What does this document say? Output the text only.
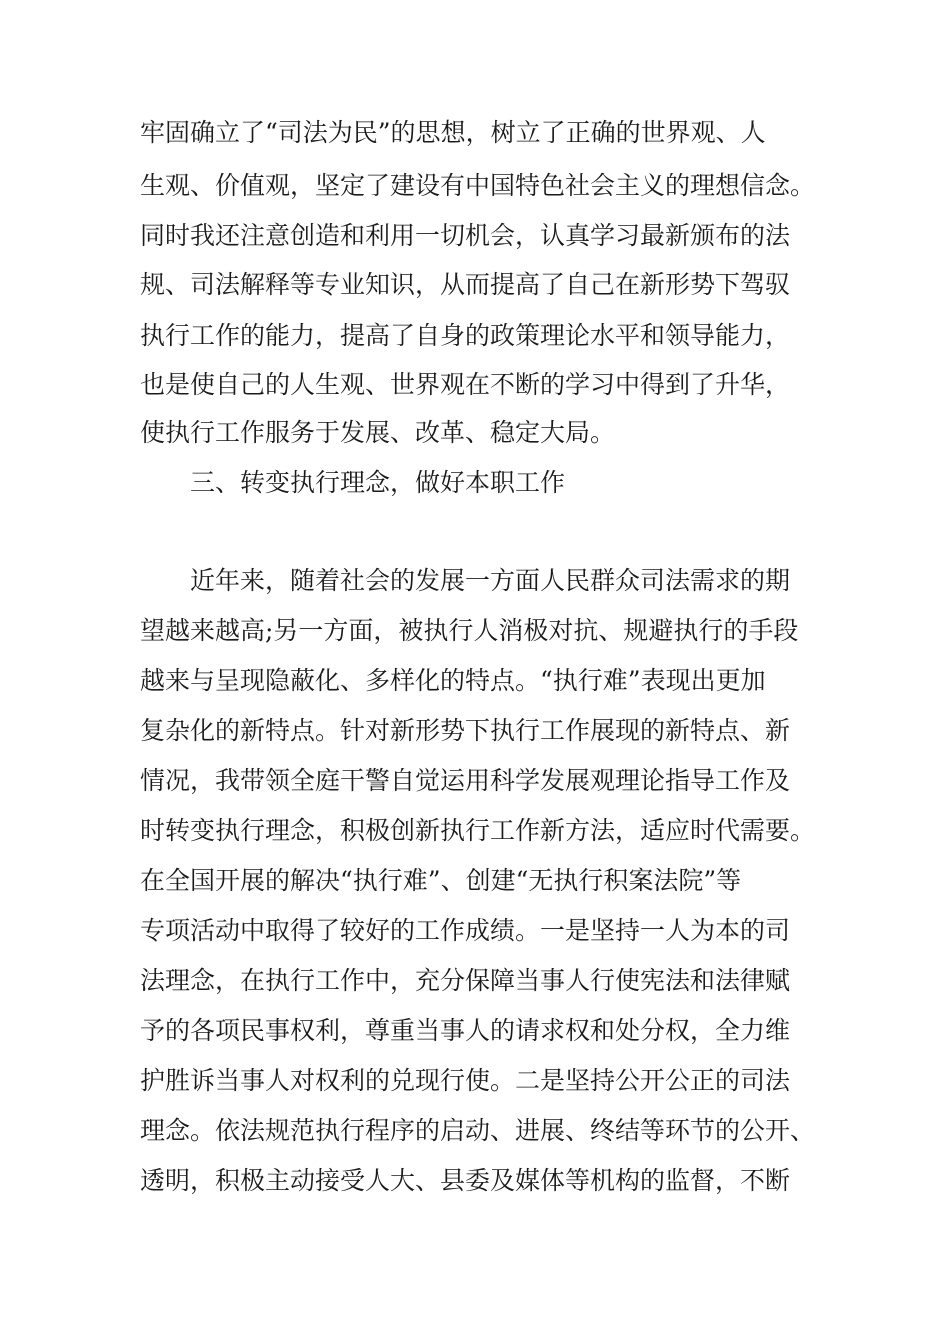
牢固确立了“司法为民”的思想，树立了正确的世界观、人
生观、价值观，坚定了建设有中国特色社会主义的理想信念。
同时我还注意创造和利用一切机会，认真学习最新颁布的法
规、司法解释等专业知识，从而提高了自己在新形势下驾驭
执行工作的能力，提高了自身的政策理论水平和领导能力，
也是使自己的人生观、世界观在不断的学习中得到了升华，
使执行工作服务于发展、改革、稳定大局。
三、转变执行理念，做好本职工作
近年来，随着社会的发展一方面人民群众司法需求的期
望越来越高;另一方面，被执行人消极对抗、规避执行的手段
越来与呈现隐蔽化、多样化的特点。“执行难”表现出更加
复杂化的新特点。针对新形势下执行工作展现的新特点、新
情况，我带领全庭干警自觉运用科学发展观理论指导工作及
时转变执行理念，积极创新执行工作新方法，适应时代需要。
在全国开展的解决“执行难”、创建“无执行积案法院”等
专项活动中取得了较好的工作成绩。一是坚持一人为本的司
法理念，在执行工作中，充分保障当事人行使宪法和法律赋
予的各项民事权利，尊重当事人的请求权和处分权，全力维
护胜诉当事人对权利的兑现行使。二是坚持公开公正的司法
理念。依法规范执行程序的启动、进展、终结等环节的公开、
透明，积极主动接受人大、县委及媒体等机构的监督，不断
